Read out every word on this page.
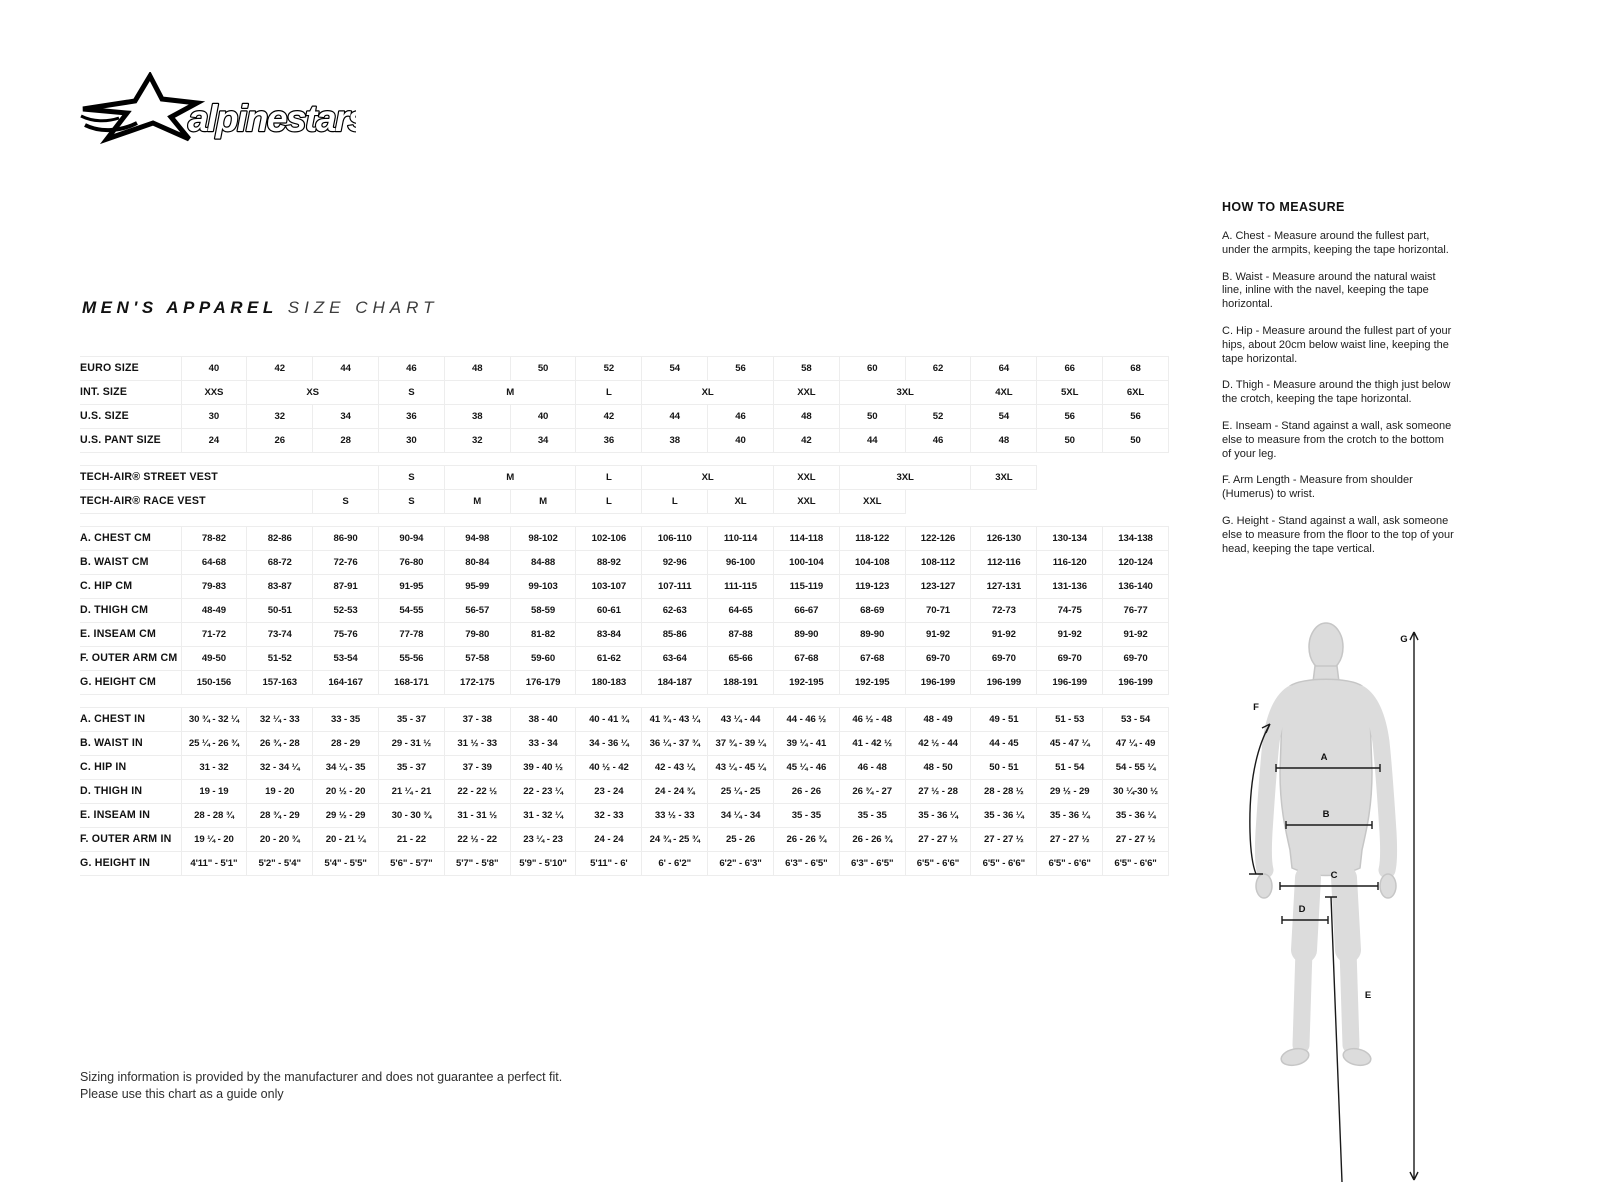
alpinestars
MEN'S APPAREL SIZE CHART
EURO SIZE	40	42	44	46	48	50	52	54	56	58	60	62	64	66	68
INT. SIZE	XXS	XS		S	M		L	XL		XXL	3XL		4XL	5XL	6XL
U.S. SIZE	30	32	34	36	38	40	42	44	46	48	50	52	54	56	56
U.S. PANT SIZE	24	26	28	30	32	34	36	38	40	42	44	46	48	50	50

TECH-AIR® STREET VEST				S	M		L	XL		XXL	3XL		3XL		
TECH-AIR® RACE VEST			S	S	M	M	L	L	XL	XXL	XXL				

A. CHEST CM	78-82	82-86	86-90	90-94	94-98	98-102	102-106	106-110	110-114	114-118	118-122	122-126	126-130	130-134	134-138
B. WAIST CM	64-68	68-72	72-76	76-80	80-84	84-88	88-92	92-96	96-100	100-104	104-108	108-112	112-116	116-120	120-124
C. HIP CM	79-83	83-87	87-91	91-95	95-99	99-103	103-107	107-111	111-115	115-119	119-123	123-127	127-131	131-136	136-140
D. THIGH CM	48-49	50-51	52-53	54-55	56-57	58-59	60-61	62-63	64-65	66-67	68-69	70-71	72-73	74-75	76-77
E. INSEAM CM	71-72	73-74	75-76	77-78	79-80	81-82	83-84	85-86	87-88	89-90	89-90	91-92	91-92	91-92	91-92
F. OUTER ARM CM	49-50	51-52	53-54	55-56	57-58	59-60	61-62	63-64	65-66	67-68	67-68	69-70	69-70	69-70	69-70
G. HEIGHT CM	150-156	157-163	164-167	168-171	172-175	176-179	180-183	184-187	188-191	192-195	192-195	196-199	196-199	196-199	196-199

A. CHEST IN	30 ¾ - 32 ¼	32 ¼ - 33	33 - 35	35 - 37	37 - 38	38 - 40	40 - 41 ¾	41 ¾ - 43 ¼	43 ¼ - 44	44 - 46 ½	46 ½ - 48	48 - 49	49 - 51	51 - 53	53 - 54
B. WAIST IN	25 ¼ - 26 ¾	26 ¾ - 28	28 - 29	29 - 31 ½	31 ½ - 33	33 - 34	34 - 36 ¼	36 ¼ - 37 ¾	37 ¾ - 39 ¼	39 ¼ - 41	41 - 42 ½	42 ½ - 44	44 - 45	45 - 47 ¼	47 ¼ - 49
C. HIP IN	31 - 32	32 - 34 ¼	34 ¼ - 35	35 - 37	37 - 39	39 - 40 ½	40 ½ - 42	42 - 43 ¼	43 ¼ - 45 ¼	45 ¼ - 46	46 - 48	48 - 50	50 - 51	51 - 54	54 - 55 ¼
D. THIGH IN	19 - 19	19 - 20	20 ½ - 20	21 ¼ - 21	22 - 22 ½	22 - 23 ¼	23 - 24	24 - 24 ¾	25 ¼ - 25	26 - 26	26 ¾ - 27	27 ½ - 28	28 - 28 ½	29 ½ - 29	30 ¼-30 ½
E. INSEAM IN	28 - 28 ¾	28 ¾ - 29	29 ½ - 29	30 - 30 ¾	31 - 31 ½	31 - 32 ¼	32 - 33	33 ½ - 33	34 ¼ - 34	35 - 35	35 - 35	35 - 36 ¼	35 - 36 ¼	35 - 36 ¼	35 - 36 ¼
F. OUTER ARM IN	19 ¼ - 20	20 - 20 ¾	20 - 21 ¼	21 - 22	22 ½ - 22	23 ¼ - 23	24 - 24	24 ¾ - 25 ¾	25 - 26	26 - 26 ¾	26 - 26 ¾	27 - 27 ½	27 - 27 ½	27 - 27 ½	27 - 27 ½
G. HEIGHT IN	4'11" - 5'1"	5'2" - 5'4"	5'4" - 5'5"	5'6" - 5'7"	5'7" - 5'8"	5'9" - 5'10"	5'11" - 6'	6' - 6'2"	6'2" - 6'3"	6'3" - 6'5"	6'3" - 6'5"	6'5" - 6'6"	6'5" - 6'6"	6'5" - 6'6"	6'5" - 6'6"
HOW TO MEASURE

A. Chest - Measure around the fullest part, under the armpits, keeping the tape horizontal.

B. Waist - Measure around the natural waist line, inline with the navel, keeping the tape horizontal.

C. Hip - Measure around the fullest part of your hips, about 20cm below waist line, keeping the tape horizontal.

D. Thigh - Measure around the thigh just below the crotch, keeping the tape horizontal.

E. Inseam - Stand against a wall, ask someone else to measure from the crotch to the bottom of your leg.

F. Arm Length - Measure from shoulder (Humerus) to wrist.

G. Height - Stand against a wall, ask someone else to measure from the floor to the top of your head, keeping the tape vertical.

A
B
C
D
E
F
G
Sizing information is provided by the manufacturer and does not guarantee a perfect fit.
Please use this chart as a guide only
